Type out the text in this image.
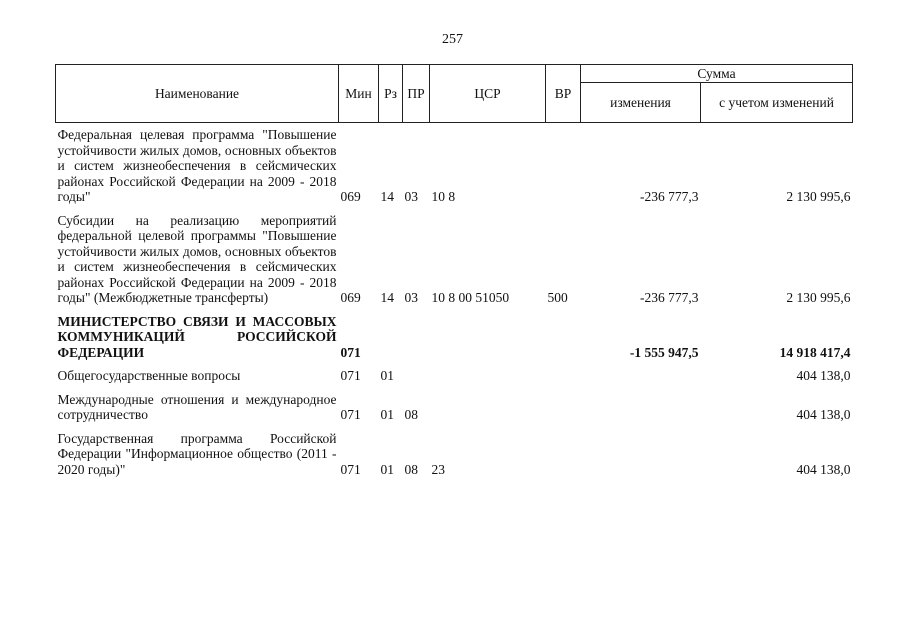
257
Наименование	Мин	Рз	ПР	ЦСР	ВР	Сумма	
						изменения	с учетом изменений
Федеральная целевая программа "Повышение устойчивости жилых домов, основных объектов и систем жизнеобеспечения в сейсмических районах Российской Федерации на 2009 - 2018 годы"	069	14	03	10 8		-236 777,3	2 130 995,6
Субсидии на реализацию мероприятий федеральной целевой программы "Повышение устойчивости жилых домов, основных объектов и систем жизнеобеспечения в сейсмических районах Российской Федерации на 2009 - 2018 годы" (Межбюджетные трансферты)	069	14	03	10 8 00 51050	500	-236 777,3	2 130 995,6
МИНИСТЕРСТВО СВЯЗИ И МАССОВЫХ КОММУНИКАЦИЙ РОССИЙСКОЙ ФЕДЕРАЦИИ	071					-1 555 947,5	14 918 417,4
Общегосударственные вопросы	071	01					404 138,0
Международные отношения и международное сотрудничество	071	01	08				404 138,0
Государственная программа Российской Федерации "Информационное общество (2011 - 2020 годы)"	071	01	08	23			404 138,0
